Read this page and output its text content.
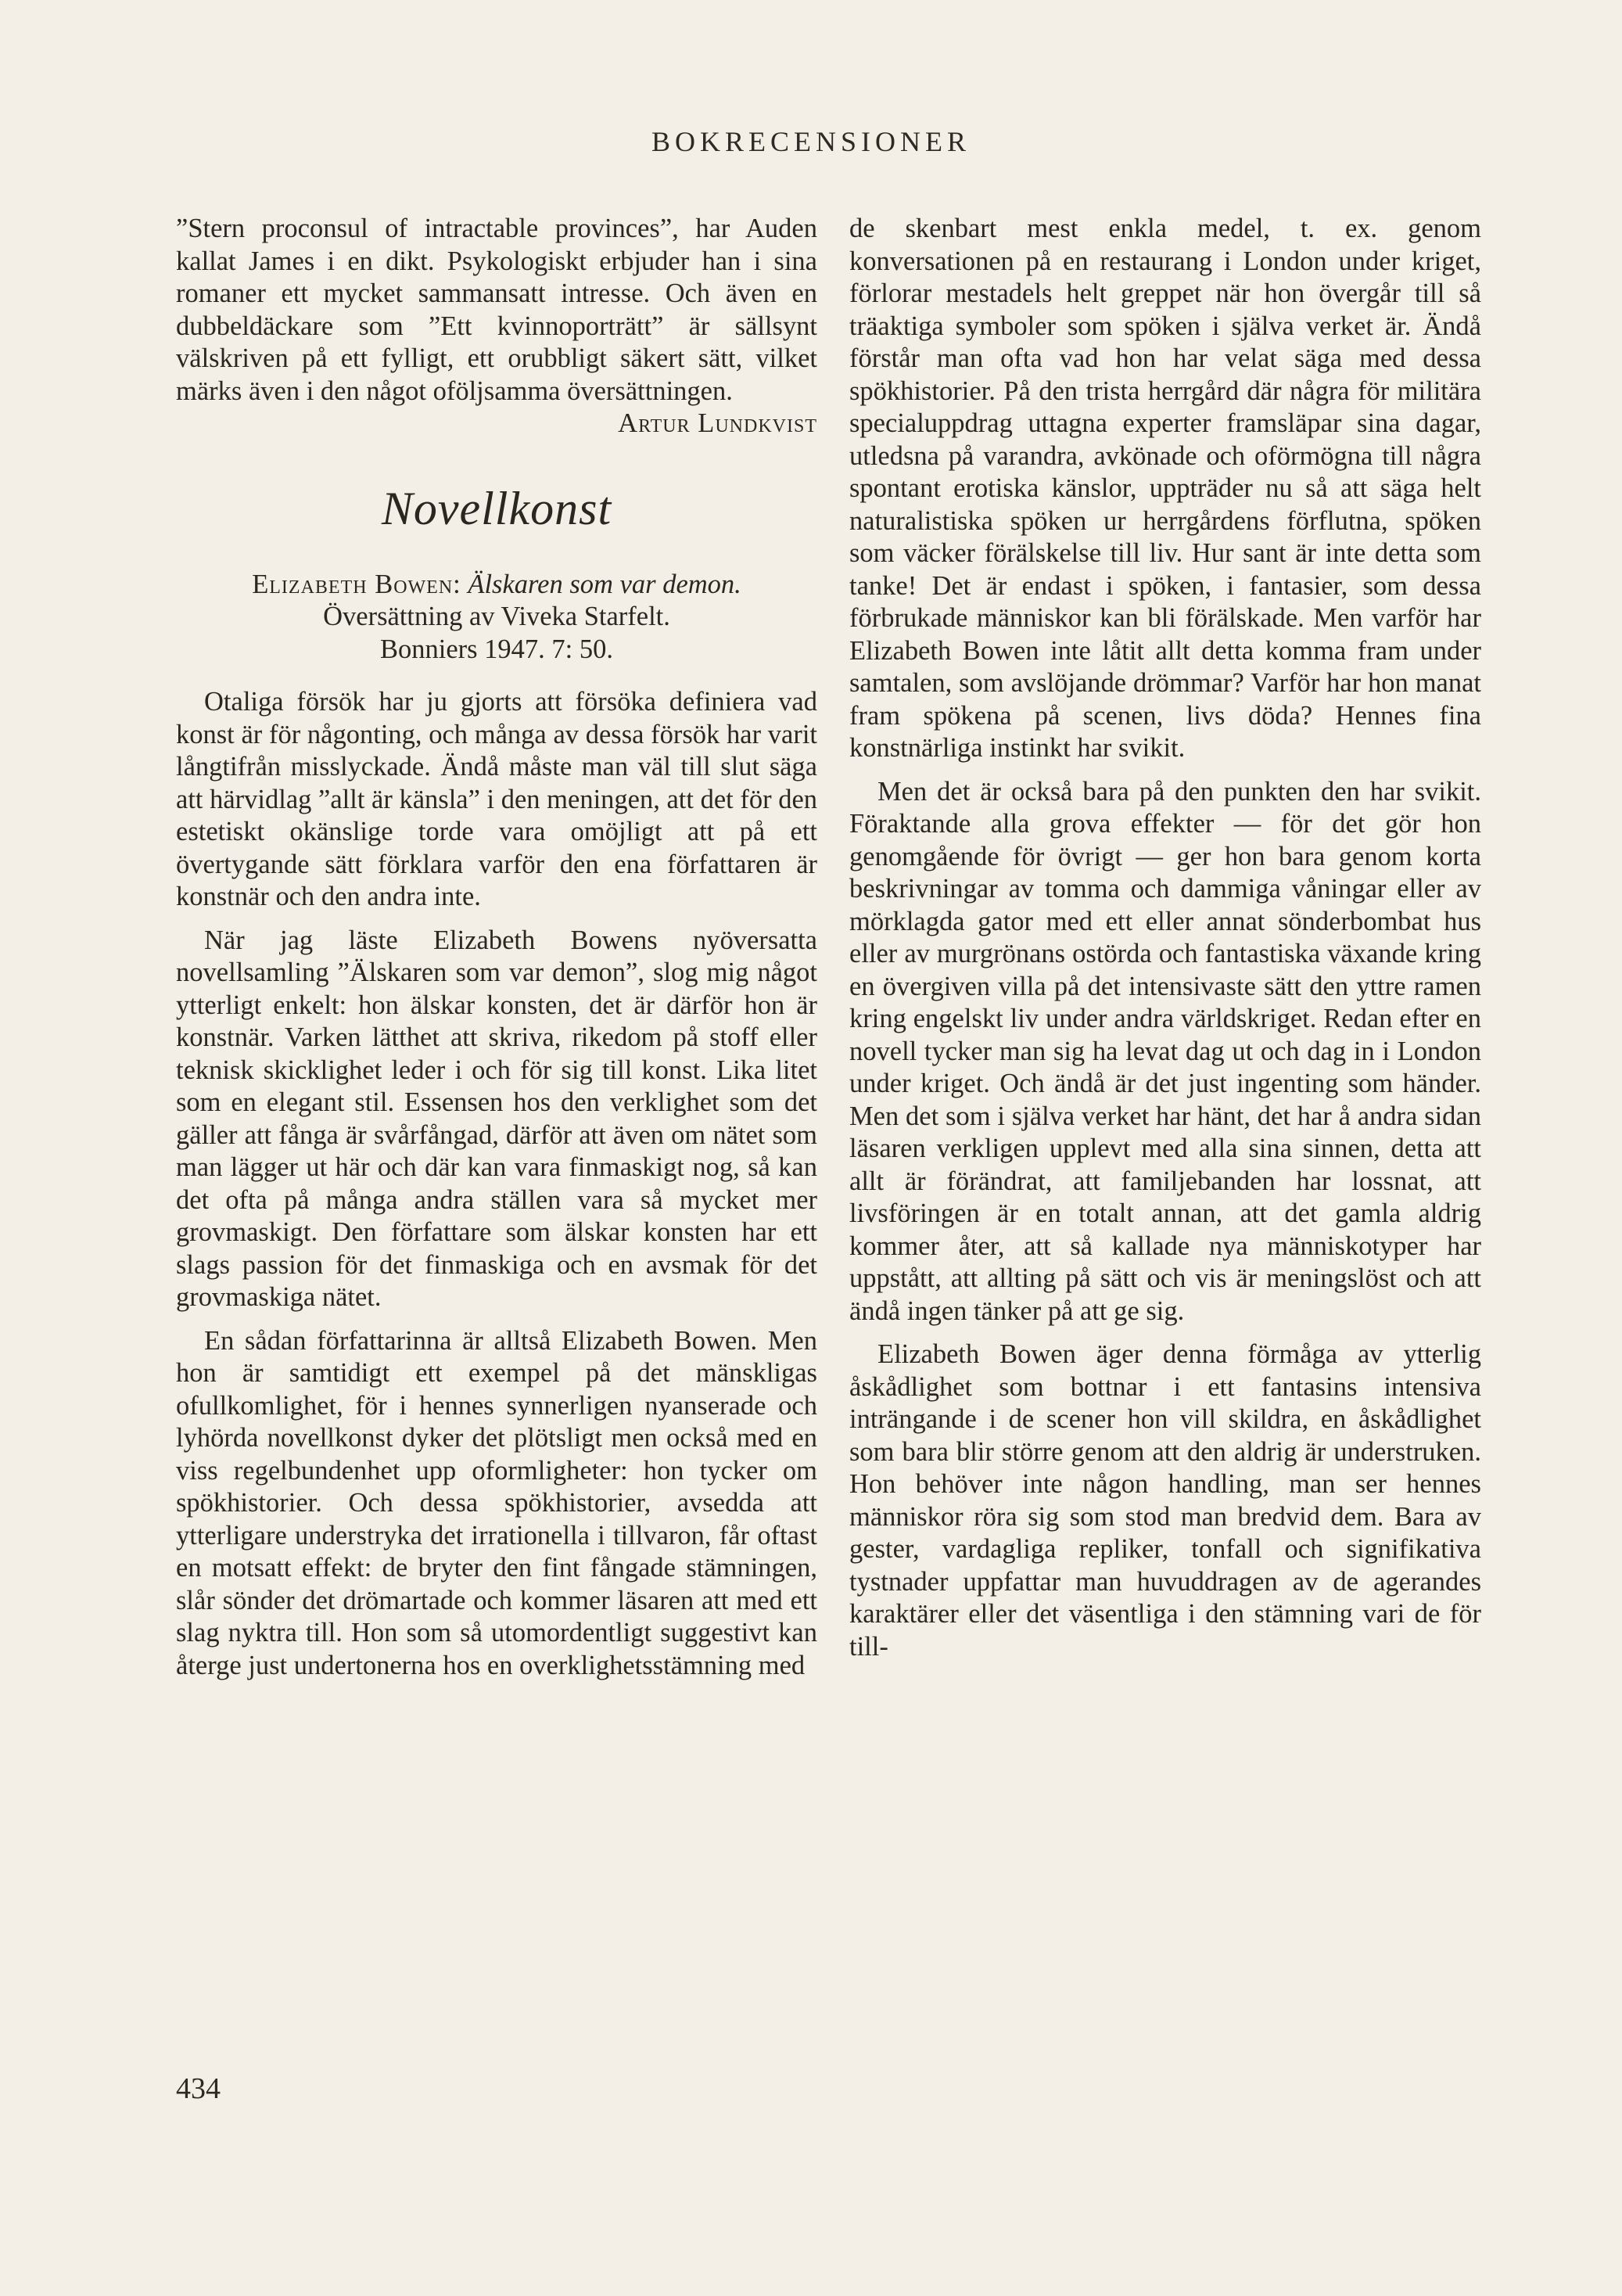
BOKRECENSIONER

”Stern proconsul of intractable provinces”, har Auden kallat James i en dikt. Psykologiskt erbjuder han i sina romaner ett mycket sammansatt intresse. Och även en dubbeldäckare som ”Ett kvinnoporträtt” är sällsynt välskriven på ett fylligt, ett orubbligt säkert sätt, vilket märks även i den något oföljsamma översättningen.

Artur Lundkvist

Novellkonst
Elizabeth Bowen: Älskaren som var demon.
Översättning av Viveka Starfelt.
Bonniers 1947. 7: 50.

Otaliga försök har ju gjorts att försöka definiera vad konst är för någonting, och många av dessa försök har varit långtifrån misslyckade. Ändå måste man väl till slut säga att härvidlag ”allt är känsla” i den meningen, att det för den estetiskt okänslige torde vara omöjligt att på ett övertygande sätt förklara varför den ena författaren är konstnär och den andra inte.

När jag läste Elizabeth Bowens nyöversatta novellsamling ”Älskaren som var demon”, slog mig något ytterligt enkelt: hon älskar konsten, det är därför hon är konstnär. Varken lätthet att skriva, rikedom på stoff eller teknisk skicklighet leder i och för sig till konst. Lika litet som en elegant stil. Essensen hos den verklighet som det gäller att fånga är svårfångad, därför att även om nätet som man lägger ut här och där kan vara finmaskigt nog, så kan det ofta på många andra ställen vara så mycket mer grovmaskigt. Den författare som älskar konsten har ett slags passion för det finmaskiga och en avsmak för det grovmaskiga nätet.

En sådan författarinna är alltså Elizabeth Bowen. Men hon är samtidigt ett exempel på det mänskligas ofullkomlighet, för i hennes synnerligen nyanserade och lyhörda novellkonst dyker det plötsligt men också med en viss regelbundenhet upp oformligheter: hon tycker om spökhistorier. Och dessa spökhistorier, avsedda att ytterligare understryka det irrationella i tillvaron, får oftast en motsatt effekt: de bryter den fint fångade stämningen, slår sönder det drömartade och kommer läsaren att med ett slag nyktra till. Hon som så utomordentligt suggestivt kan återge just undertonerna hos en overklighetsstämning med

de skenbart mest enkla medel, t. ex. genom konversationen på en restaurang i London under kriget, förlorar mestadels helt greppet när hon övergår till så träaktiga symboler som spöken i själva verket är. Ändå förstår man ofta vad hon har velat säga med dessa spökhistorier. På den trista herrgård där några för militära specialuppdrag uttagna experter framsläpar sina dagar, utledsna på varandra, avkönade och oförmögna till några spontant erotiska känslor, uppträder nu så att säga helt naturalistiska spöken ur herrgårdens förflutna, spöken som väcker förälskelse till liv. Hur sant är inte detta som tanke! Det är endast i spöken, i fantasier, som dessa förbrukade människor kan bli förälskade. Men varför har Elizabeth Bowen inte låtit allt detta komma fram under samtalen, som avslöjande drömmar? Varför har hon manat fram spökena på scenen, livs döda? Hennes fina konstnärliga instinkt har svikit.

Men det är också bara på den punkten den har svikit. Föraktande alla grova effekter — för det gör hon genomgående för övrigt — ger hon bara genom korta beskrivningar av tomma och dammiga våningar eller av mörklagda gator med ett eller annat sönderbombat hus eller av murgrönans ostörda och fantastiska växande kring en övergiven villa på det intensivaste sätt den yttre ramen kring engelskt liv under andra världskriget. Redan efter en novell tycker man sig ha levat dag ut och dag in i London under kriget. Och ändå är det just ingenting som händer. Men det som i själva verket har hänt, det har å andra sidan läsaren verkligen upplevt med alla sina sinnen, detta att allt är förändrat, att familjebanden har lossnat, att livsföringen är en totalt annan, att det gamla aldrig kommer åter, att så kallade nya människotyper har uppstått, att allting på sätt och vis är meningslöst och att ändå ingen tänker på att ge sig.

Elizabeth Bowen äger denna förmåga av ytterlig åskådlighet som bottnar i ett fantasins intensiva inträngande i de scener hon vill skildra, en åskådlighet som bara blir större genom att den aldrig är understruken. Hon behöver inte någon handling, man ser hennes människor röra sig som stod man bredvid dem. Bara av gester, vardagliga repliker, tonfall och signifikativa tystnader uppfattar man huvuddragen av de agerandes karaktärer eller det väsentliga i den stämning vari de för till-

434
